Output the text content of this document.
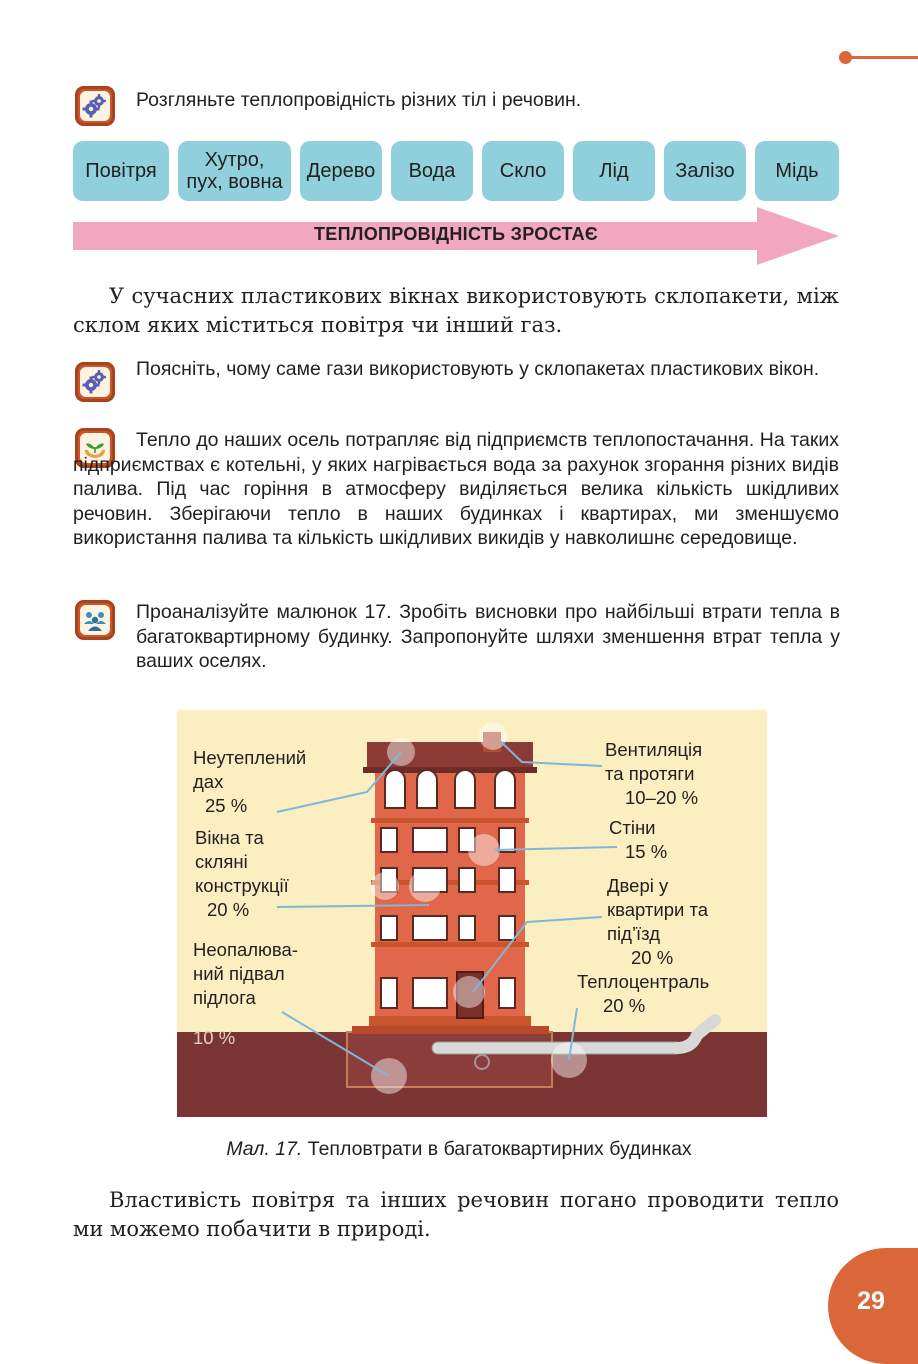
Розгляньте теплопровідність різних тіл і речовин.
Повітря Хутро,
пух, вовна Дерево Вода Скло	Лід Залізо Мідь
ТЕПЛОПРОВІДНІСТЬ ЗРОСТАЄ
У сучасних пластикових вікнах використовують склопакети, між склом яких міститься повітря чи інший газ.
Поясніть, чому саме гази використовують у склопакетах пластикових вікон.
Тепло до наших осель потрапляє від підприємств теплопостачання. На таких підприємствах є котельні, у яких нагрівається вода за рахунок згорання різних видів палива. Під час горіння в атмосферу виділяється велика кількість шкідливих речовин. Зберігаючи тепло в наших будинках і квартирах, ми зменшуємо використання палива та кількість шкідливих викидів у навколишнє середовище.
Проаналізуйте малюнок 17. Зробіть висновки про найбільші втрати тепла в багатоквартирному будинку. Запропонуйте шляхи зменшення втрат тепла у ваших оселях.
Неутеплений
дах
25 %
Вікна та
скляні
конструкції
20 %
Неопалюва-
ний підвал
підлога
10 %
Вентиляція
та протяги
10–20 %
Стіни
15 %
Двері у
квартири та
під’їзд
20 %
Теплоцентраль
20 %
Мал. 17. Тепловтрати в багатоквартирних будинках
Властивість повітря та інших речовин погано проводити тепло ми можемо побачити в природі.
29
